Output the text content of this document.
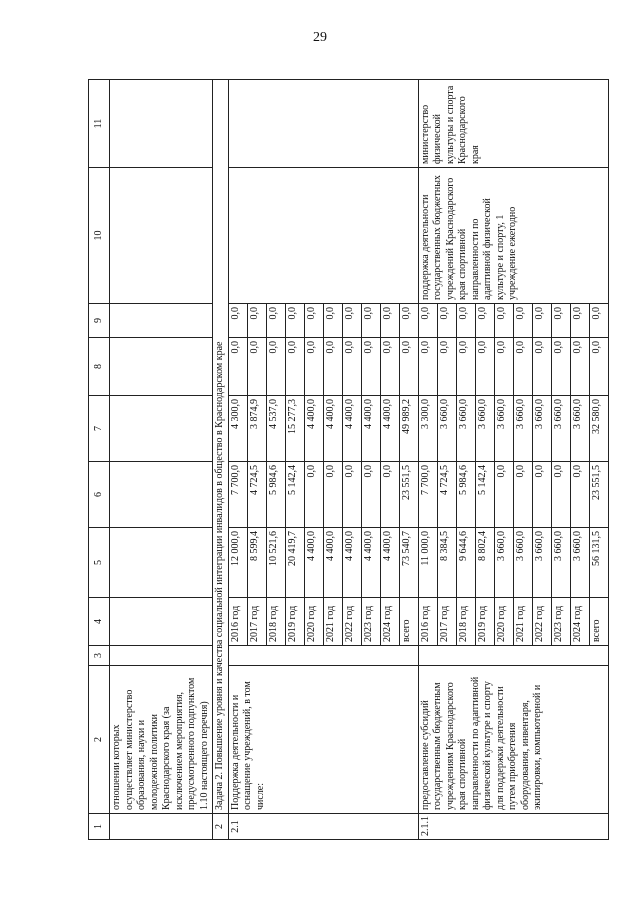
29
1	2	3	4	5	6	7	8	9	10	11
	отношении которых осуществляет министерство образования, науки и молодежной политики Краснодарского края (за исключением мероприятия, предусмотренного подпунктом 1.10 настоящего перечня)									
2	Задача 2. Повышение уровня и качества социальной интеграции инвалидов в общество в Краснодарском крае									
2.1	Поддержка деятельности и оснащение учреждений, в том числе:		2016 год	12 000,0	7 700,0	4 300,0	0,0	0,0		
			2017 год	8 599,4	4 724,5	3 874,9	0,0	0,0		
			2018 год	10 521,6	5 984,6	4 537,0	0,0	0,0		
			2019 год	20 419,7	5 142,4	15 277,3	0,0	0,0		
			2020 год	4 400,0	0,0	4 400,0	0,0	0,0		
			2021 год	4 400,0	0,0	4 400,0	0,0	0,0		
			2022 год	4 400,0	0,0	4 400,0	0,0	0,0		
			2023 год	4 400,0	0,0	4 400,0	0,0	0,0		
			2024 год	4 400,0	0,0	4 400,0	0,0	0,0		
			всего	73 540,7	23 551,5	49 989,2	0,0	0,0		
2.1.1	предоставление субсидий государственным бюджетным учреждениям Краснодарского края спортивной направленности по адаптивной физической культуре и спорту для поддержки деятельности путем приобретения оборудования, инвентаря, экипировки, компьютерной и		2016 год	11 000,0	7 700,0	3 300,0	0,0	0,0	поддержка деятельности государственных бюджетных учреждений Краснодарского края спортивной направленности по адаптивной физической культуре и спорту, 1 учреждение ежегодно	министерство физической культуры и спорта Краснодарского края
			2017 год	8 384,5	4 724,5	3 660,0	0,0	0,0		
			2018 год	9 644,6	5 984,6	3 660,0	0,0	0,0		
			2019 год	8 802,4	5 142,4	3 660,0	0,0	0,0		
			2020 год	3 660,0	0,0	3 660,0	0,0	0,0		
			2021 год	3 660,0	0,0	3 660,0	0,0	0,0		
			2022 год	3 660,0	0,0	3 660,0	0,0	0,0		
			2023 год	3 660,0	0,0	3 660,0	0,0	0,0		
			2024 год	3 660,0	0,0	3 660,0	0,0	0,0		
			всего	56 131,5	23 551,5	32 580,0	0,0	0,0		
